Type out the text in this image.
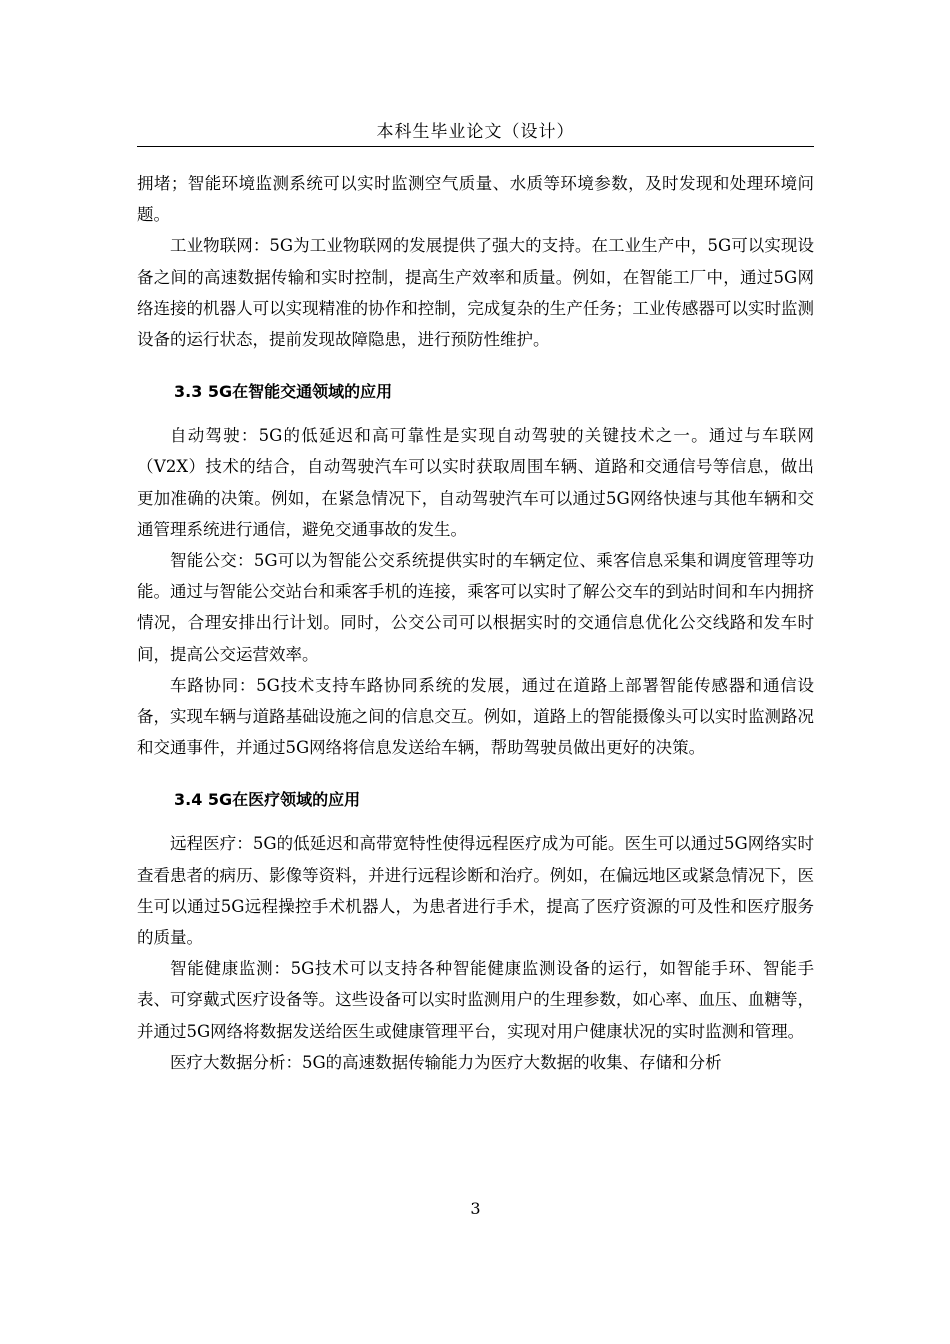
本科生毕业论文（设计）

拥堵；智能环境监测系统可以实时监测空气质量、水质等环境参数，及时发现和处理环境问题。

工业物联网：5G为工业物联网的发展提供了强大的支持。在工业生产中，5G可以实现设备之间的高速数据传输和实时控制，提高生产效率和质量。例如，在智能工厂中，通过5G网络连接的机器人可以实现精准的协作和控制，完成复杂的生产任务；工业传感器可以实时监测设备的运行状态，提前发现故障隐患，进行预防性维护。

3.3 5G在智能交通领域的应用

自动驾驶：5G的低延迟和高可靠性是实现自动驾驶的关键技术之一。通过与车联网（V2X）技术的结合，自动驾驶汽车可以实时获取周围车辆、道路和交通信号等信息，做出更加准确的决策。例如，在紧急情况下，自动驾驶汽车可以通过5G网络快速与其他车辆和交通管理系统进行通信，避免交通事故的发生。

智能公交：5G可以为智能公交系统提供实时的车辆定位、乘客信息采集和调度管理等功能。通过与智能公交站台和乘客手机的连接，乘客可以实时了解公交车的到站时间和车内拥挤情况，合理安排出行计划。同时，公交公司可以根据实时的交通信息优化公交线路和发车时间，提高公交运营效率。

车路协同：5G技术支持车路协同系统的发展，通过在道路上部署智能传感器和通信设备，实现车辆与道路基础设施之间的信息交互。例如，道路上的智能摄像头可以实时监测路况和交通事件，并通过5G网络将信息发送给车辆，帮助驾驶员做出更好的决策。

3.4 5G在医疗领域的应用

远程医疗：5G的低延迟和高带宽特性使得远程医疗成为可能。医生可以通过5G网络实时查看患者的病历、影像等资料，并进行远程诊断和治疗。例如，在偏远地区或紧急情况下，医生可以通过5G远程操控手术机器人，为患者进行手术，提高了医疗资源的可及性和医疗服务的质量。

智能健康监测：5G技术可以支持各种智能健康监测设备的运行，如智能手环、智能手表、可穿戴式医疗设备等。这些设备可以实时监测用户的生理参数，如心率、血压、血糖等，并通过5G网络将数据发送给医生或健康管理平台，实现对用户健康状况的实时监测和管理。

医疗大数据分析：5G的高速数据传输能力为医疗大数据的收集、存储和分析

3
